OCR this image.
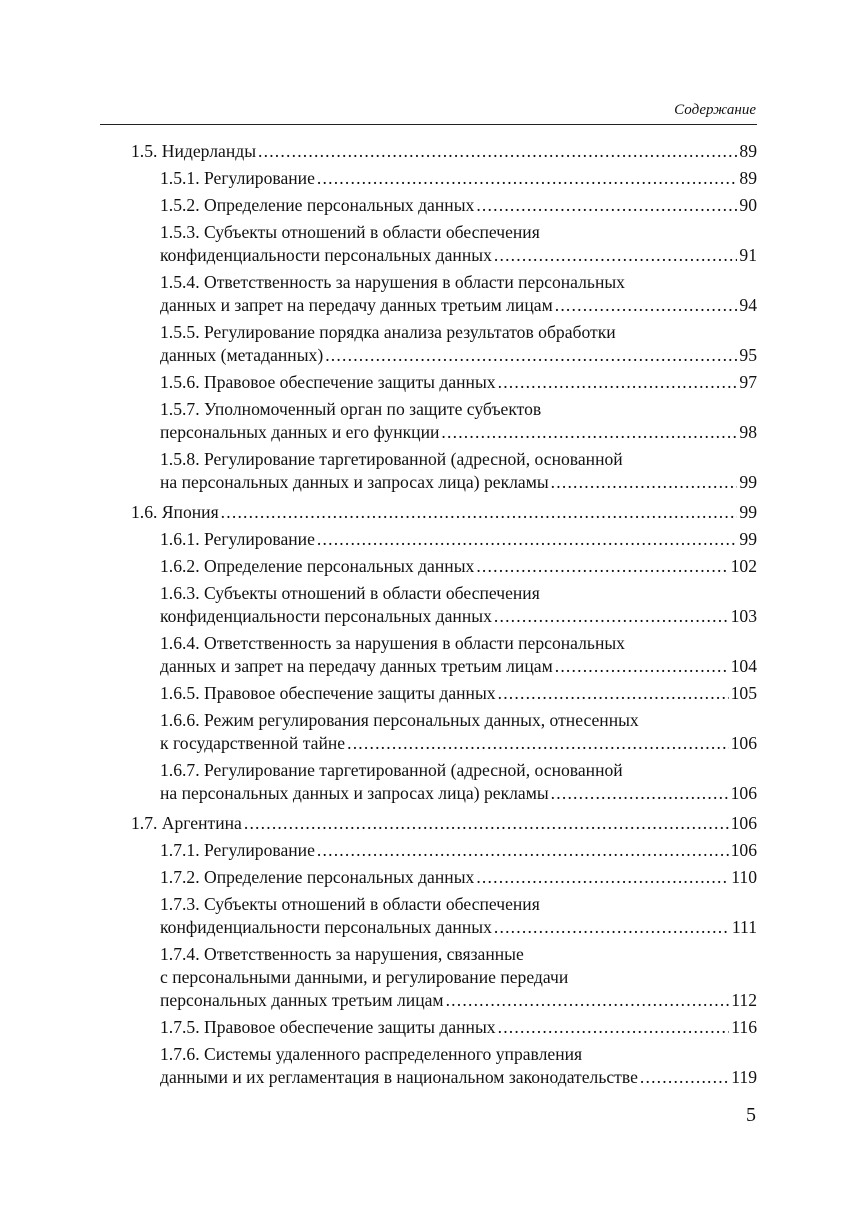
Содержание
1.5. Нидерланды . . .	89
1.5.1. Регулирование . . .	89
1.5.2. Определение персональных данных . . .	90
1.5.3. Субъекты отношений в области обеспечения
конфиденциальности персональных данных . . .	91
1.5.4. Ответственность за нарушения в области персональных
данных и запрет на передачу данных третьим лицам . . .	94
1.5.5. Регулирование порядка анализа результатов обработки
данных (метаданных) . . .	95
1.5.6. Правовое обеспечение защиты данных . . .	97
1.5.7. Уполномоченный орган по защите субъектов
персональных данных и его функции . . .	98
1.5.8. Регулирование таргетированной (адресной, основанной
на персональных данных и запросах лица) рекламы . . .	99
1.6. Япония . . .	99
1.6.1. Регулирование . . .	99
1.6.2. Определение персональных данных . . .	102
1.6.3. Субъекты отношений в области обеспечения
конфиденциальности персональных данных . . .	103
1.6.4. Ответственность за нарушения в области персональных
данных и запрет на передачу данных третьим лицам . . .	104
1.6.5. Правовое обеспечение защиты данных . . .	105
1.6.6. Режим регулирования персональных данных, отнесенных
к государственной тайне . . .	106
1.6.7. Регулирование таргетированной (адресной, основанной
на персональных данных и запросах лица) рекламы . . .	106
1.7. Аргентина . . .	106
1.7.1. Регулирование . . .	106
1.7.2. Определение персональных данных . . .	110
1.7.3. Субъекты отношений в области обеспечения
конфиденциальности персональных данных . . .	111
1.7.4. Ответственность за нарушения, связанные
с персональными данными, и регулирование передачи
персональных данных третьим лицам . . .	112
1.7.5. Правовое обеспечение защиты данных . . .	116
1.7.6. Системы удаленного распределенного управления
данными и их регламентация в национальном законодательстве . . .	119
5
